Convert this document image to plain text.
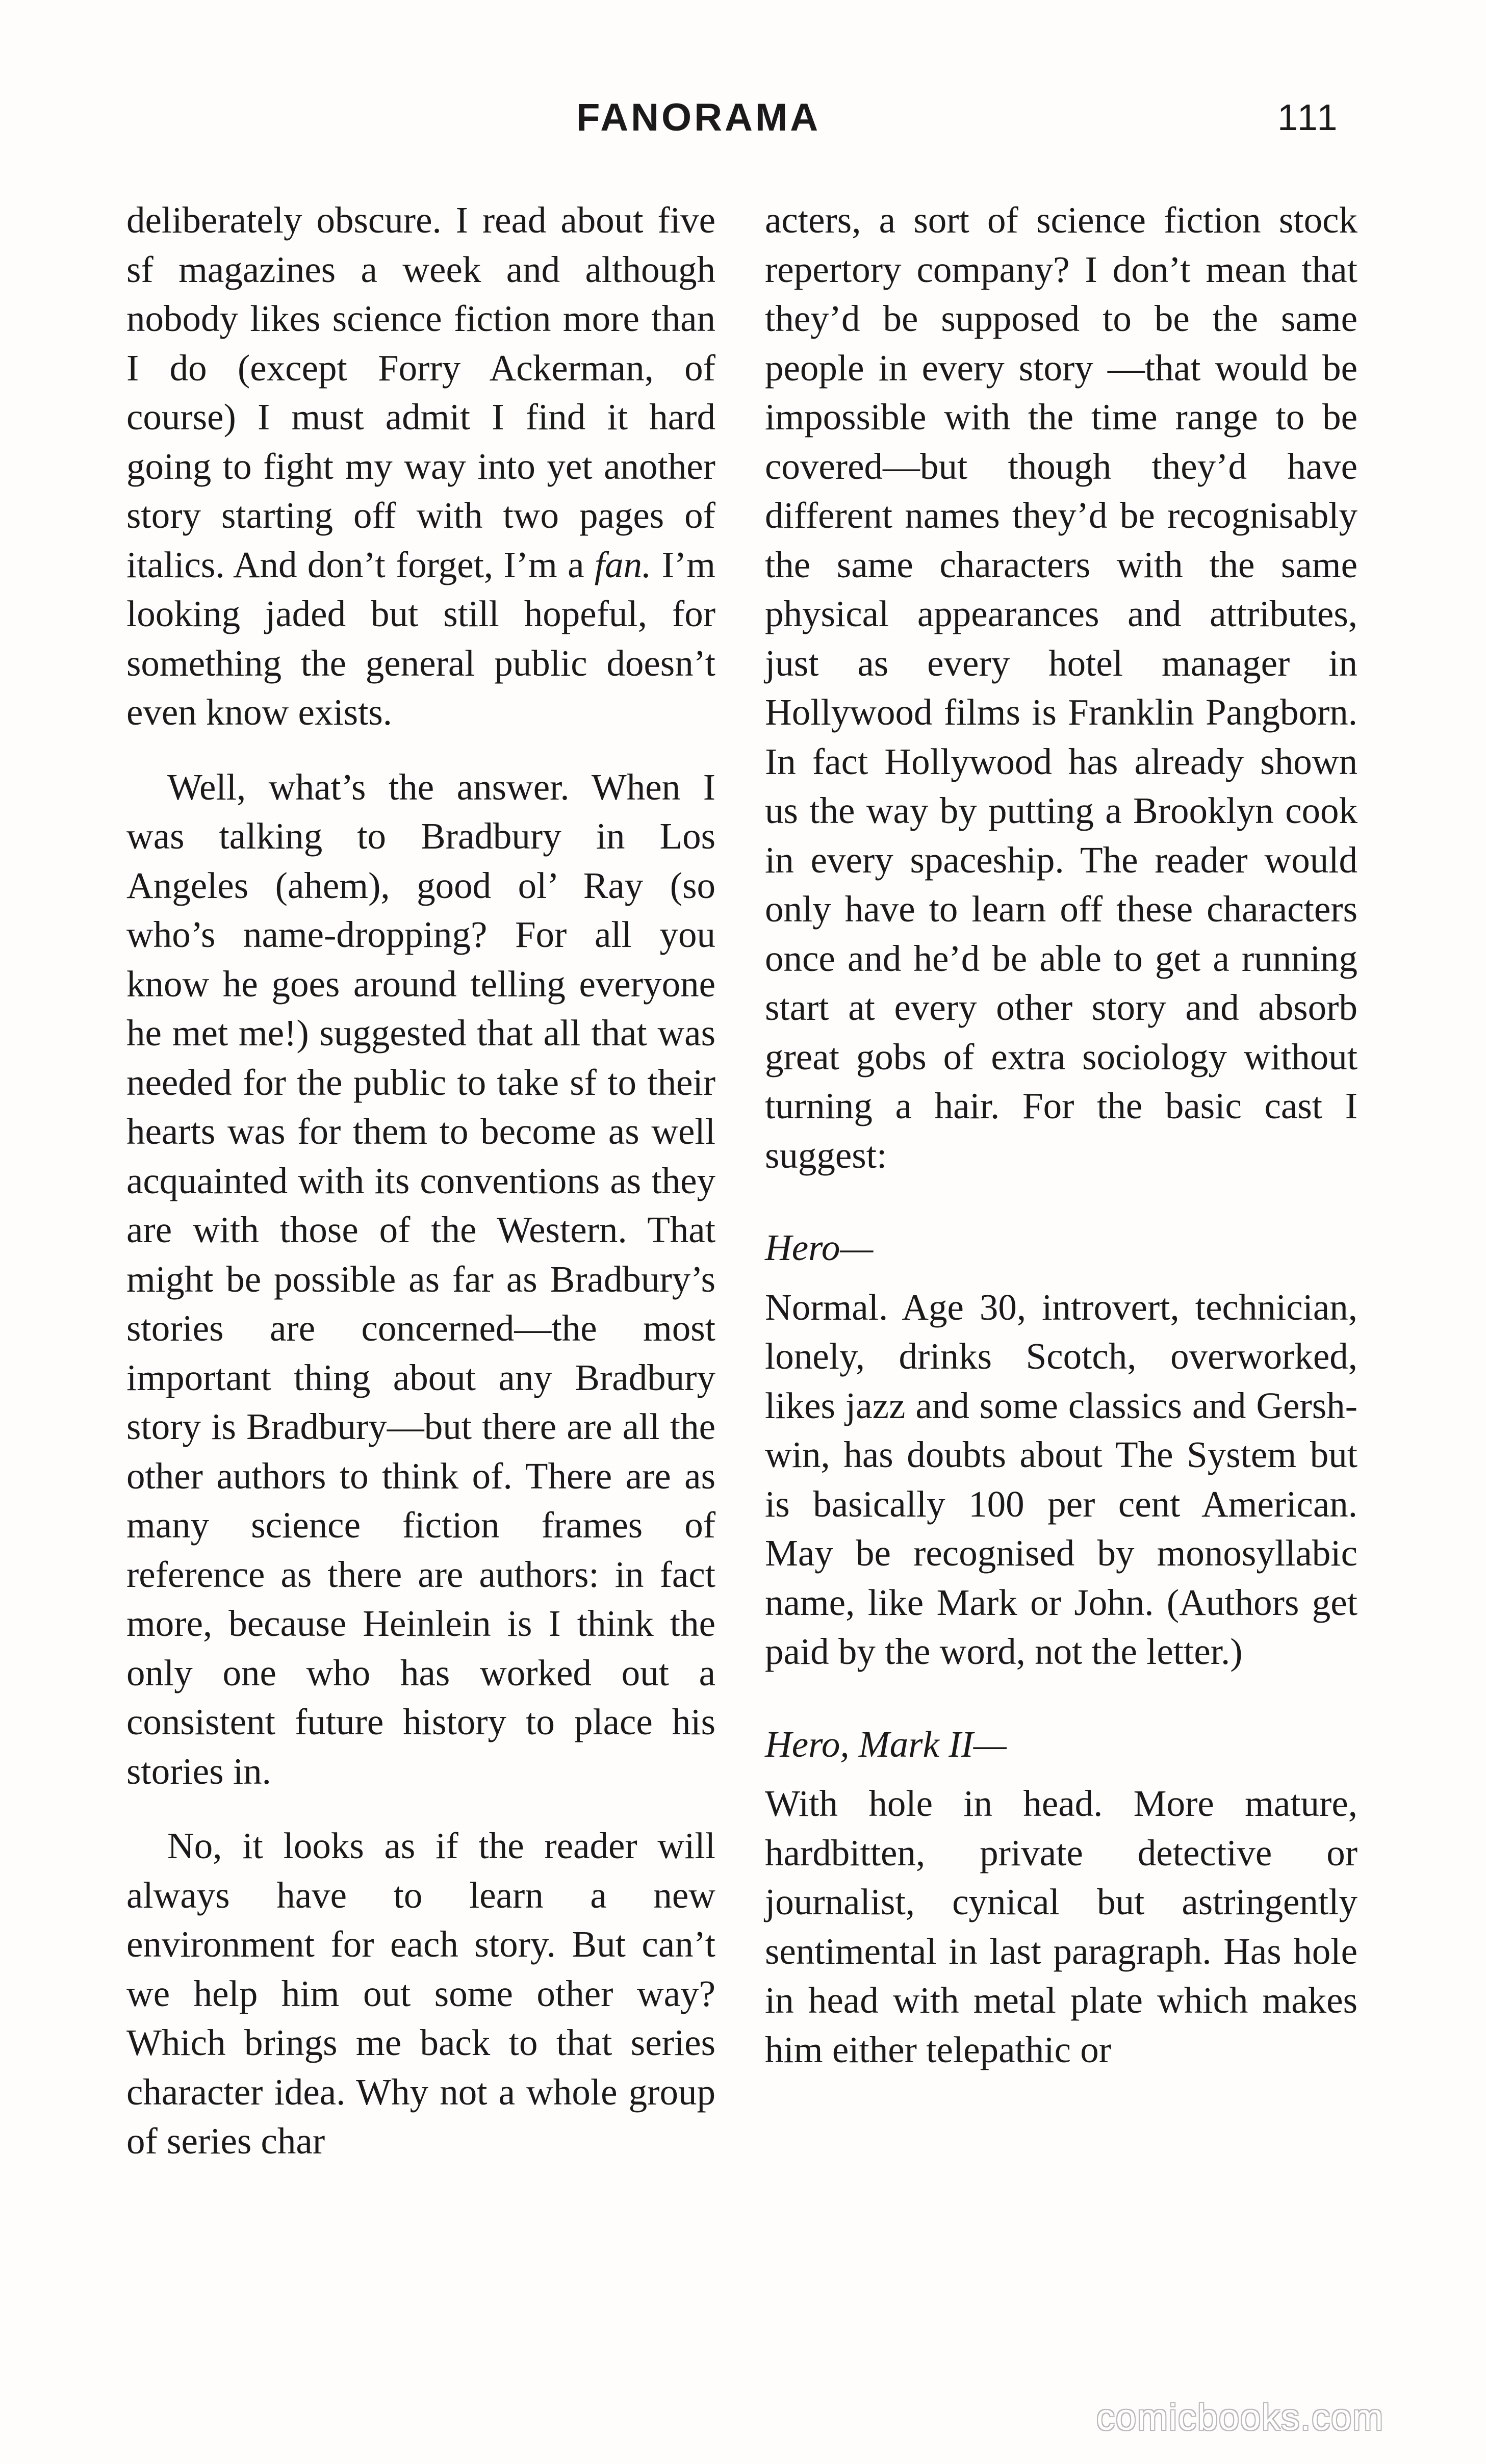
FANORAMA	111

deliberately obscure. I read about five sf magazines a week and although nobody likes science fiction more than I do (except Forry Ackerman, of course) I must admit I find it hard going to fight my way into yet another story starting off with two pages of italics. And don’t forget, I’m a fan. I’m looking jaded but still hopeful, for something the general public doesn’t even know exists.

Well, what’s the answer. When I was talking to Bradbury in Los Angeles (ahem), good ol’ Ray (so who’s name-dropping? For all you know he goes around telling everyone he met me!) suggested that all that was needed for the public to take sf to their hearts was for them to become as well acquainted with its conventions as they are with those of the Western. That might be possible as far as Bradbury’s stories are concerned—the most important thing about any Bradbury story is Bradbury—but there are all the other authors to think of. There are as many science fiction frames of reference as there are authors: in fact more, because Heinlein is I think the only one who has worked out a consistent future history to place his stories in.

No, it looks as if the reader will always have to learn a new environment for each story. But can’t we help him out some other way? Which brings me back to that series character idea. Why not a whole group of series char

acters, a sort of science fiction stock repertory company? I don’t mean that they’d be supposed to be the same people in every story —that would be impossible with the time range to be covered—but though they’d have different names they’d be recognisably the same characters with the same physical appearances and attributes, just as every hotel manager in Hollywood films is Franklin Pangborn. In fact Hollywood has already shown us the way by putting a Brooklyn cook in every spaceship. The reader would only have to learn off these characters once and he’d be able to get a running start at every other story and absorb great gobs of extra sociology without turning a hair. For the basic cast I suggest:

Hero—

Normal. Age 30, introvert, technician, lonely, drinks Scotch, overworked, likes jazz and some classics and Gershwin, has doubts about The System but is basically 100 per cent American. May be recognised by monosyllabic name, like Mark or John. (Authors get paid by the word, not the letter.)

Hero, Mark II—

With hole in head. More mature, hardbitten, private detective or journalist, cynical but astringently sentimental in last paragraph. Has hole in head with metal plate which makes him either telepathic or

comicbooks.com
